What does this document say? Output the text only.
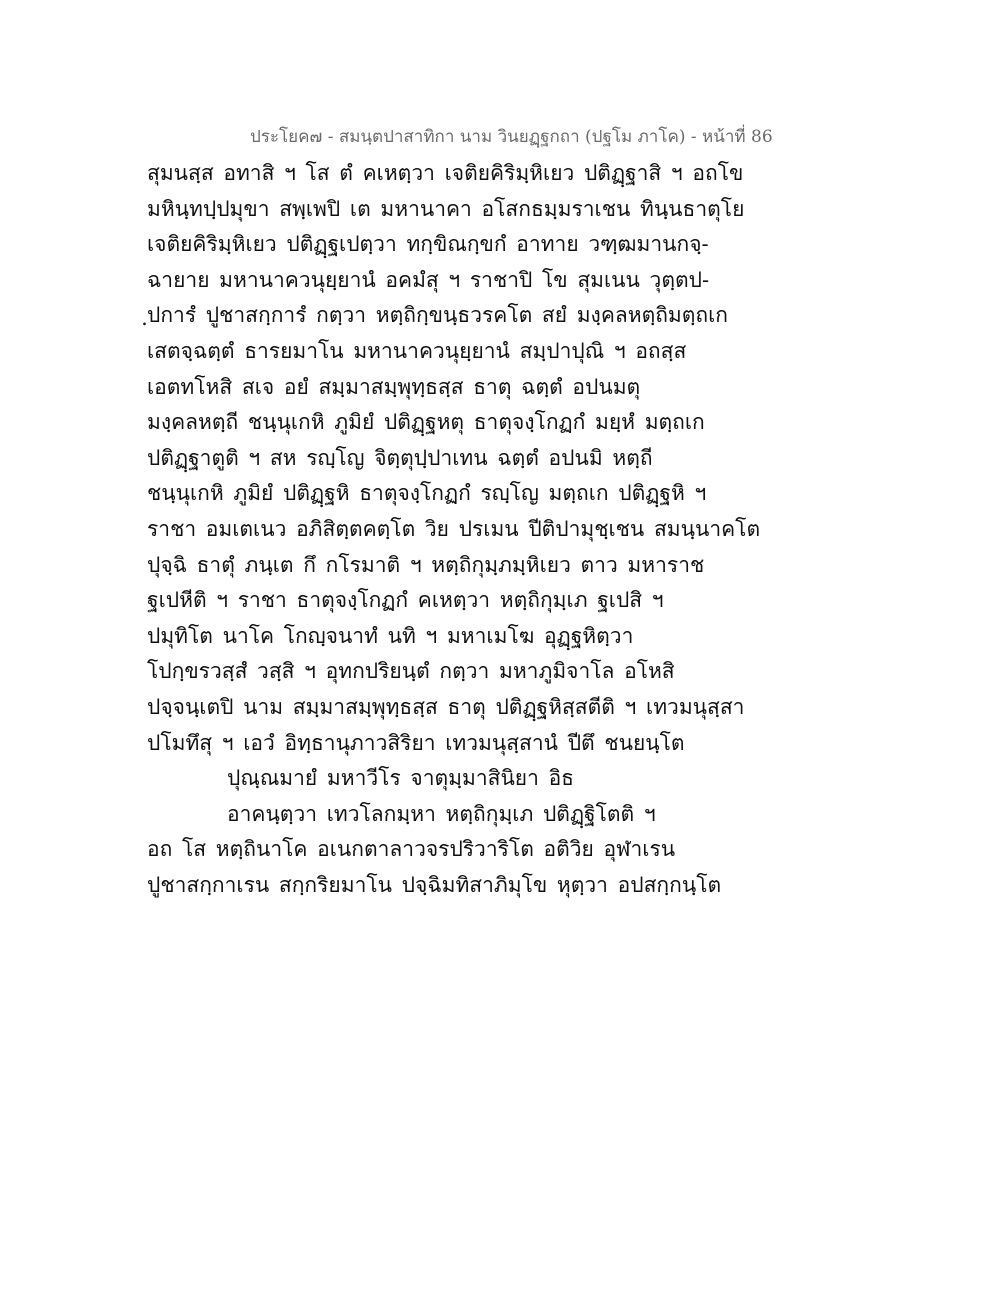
ประโยค๗ - สมนฺตปาสาทิกา นาม วินยฏฺฐกถา (ปฐโม ภาโค) - หน้าที่ 86
สุมนสฺส อทาสิ ฯ โส ตํ คเหตฺวา เจติยคิริมฺหิเยว ปติฏฺฐาสิ ฯ อถโข
มหินฺทปฺปมุขา สพฺเพปิ เต มหานาคา อโสกธมฺมราเชน ทินฺนธาตุโย
เจติยคิริมฺหิเยว ปติฏฺฐเปตฺวา ทกฺขิณกฺขกํ อาทาย วฑฺฒมานกจฺ-
ฉายาย มหานาควนุยฺยานํ อคมํสุ ฯ ราชาปิ โข สุมเนน วุตฺตป-
ฺปการํ ปูชาสกฺการํ กตฺวา หตฺถิกฺขนฺธวรคโต สยํ มงฺคลหตฺถิมตฺถเก
เสตจฺฉตฺตํ ธารยมาโน มหานาควนุยฺยานํ สมฺปาปุณิ ฯ อถสฺส
เอตทโหสิ สเจ อยํ สมฺมาสมฺพุทฺธสฺส ธาตุ ฉตฺตํ อปนมตุ
มงฺคลหตฺถี ชนฺนุเกหิ ภูมิยํ ปติฏฺฐหตุ ธาตุจงฺโกฏกํ มยฺหํ มตฺถเก
ปติฏฺฐาตูติ ฯ สห รญฺโญ จิตฺตุปฺปาเทน ฉตฺตํ อปนมิ หตฺถี
ชนฺนุเกหิ ภูมิยํ ปติฏฺฐหิ ธาตุจงฺโกฏกํ รญฺโญ มตฺถเก ปติฏฺฐหิ ฯ
ราชา อมเตเนว อภิสิตฺตคตฺโต วิย ปรเมน ปีติปามุชฺเชน สมนฺนาคโต
ปุจฺฉิ ธาตุํ ภนฺเต กึ กโรมาติ ฯ หตฺถิกุมฺภมฺหิเยว ตาว มหาราช
ฐเปหีติ ฯ ราชา ธาตุจงฺโกฏกํ คเหตฺวา หตฺถิกุมฺเภ ฐเปสิ ฯ
ปมุทิโต นาโค โกญฺจนาทํ นทิ ฯ มหาเมโฆ อุฏฺฐหิตฺวา
โปกฺขรวสฺสํ วสฺสิ ฯ อุทกปริยนฺตํ กตฺวา มหาภูมิจาโล อโหสิ
ปจฺจนฺเตปิ นาม สมฺมาสมฺพุทฺธสฺส ธาตุ ปติฏฺฐหิสฺสตีติ ฯ เทวมนุสฺสา
ปโมทึสุ ฯ เอวํ อิทฺธานุภาวสิริยา เทวมนุสฺสานํ ปีตึ ชนยนฺโต
ปุณฺณมายํ มหาวีโร จาตุมฺมาสินิยา อิธ
อาคนฺตฺวา เทวโลกมฺหา หตฺถิกุมฺเภ ปติฏฺฐิโตติ ฯ
อถ โส หตฺถินาโค อเนกตาลาวจรปริวาริโต อติวิย อุฬาเรน
ปูชาสกฺกาเรน สกฺกริยมาโน ปจฺฉิมทิสาภิมุโข หุตฺวา อปสกฺกนฺโต
